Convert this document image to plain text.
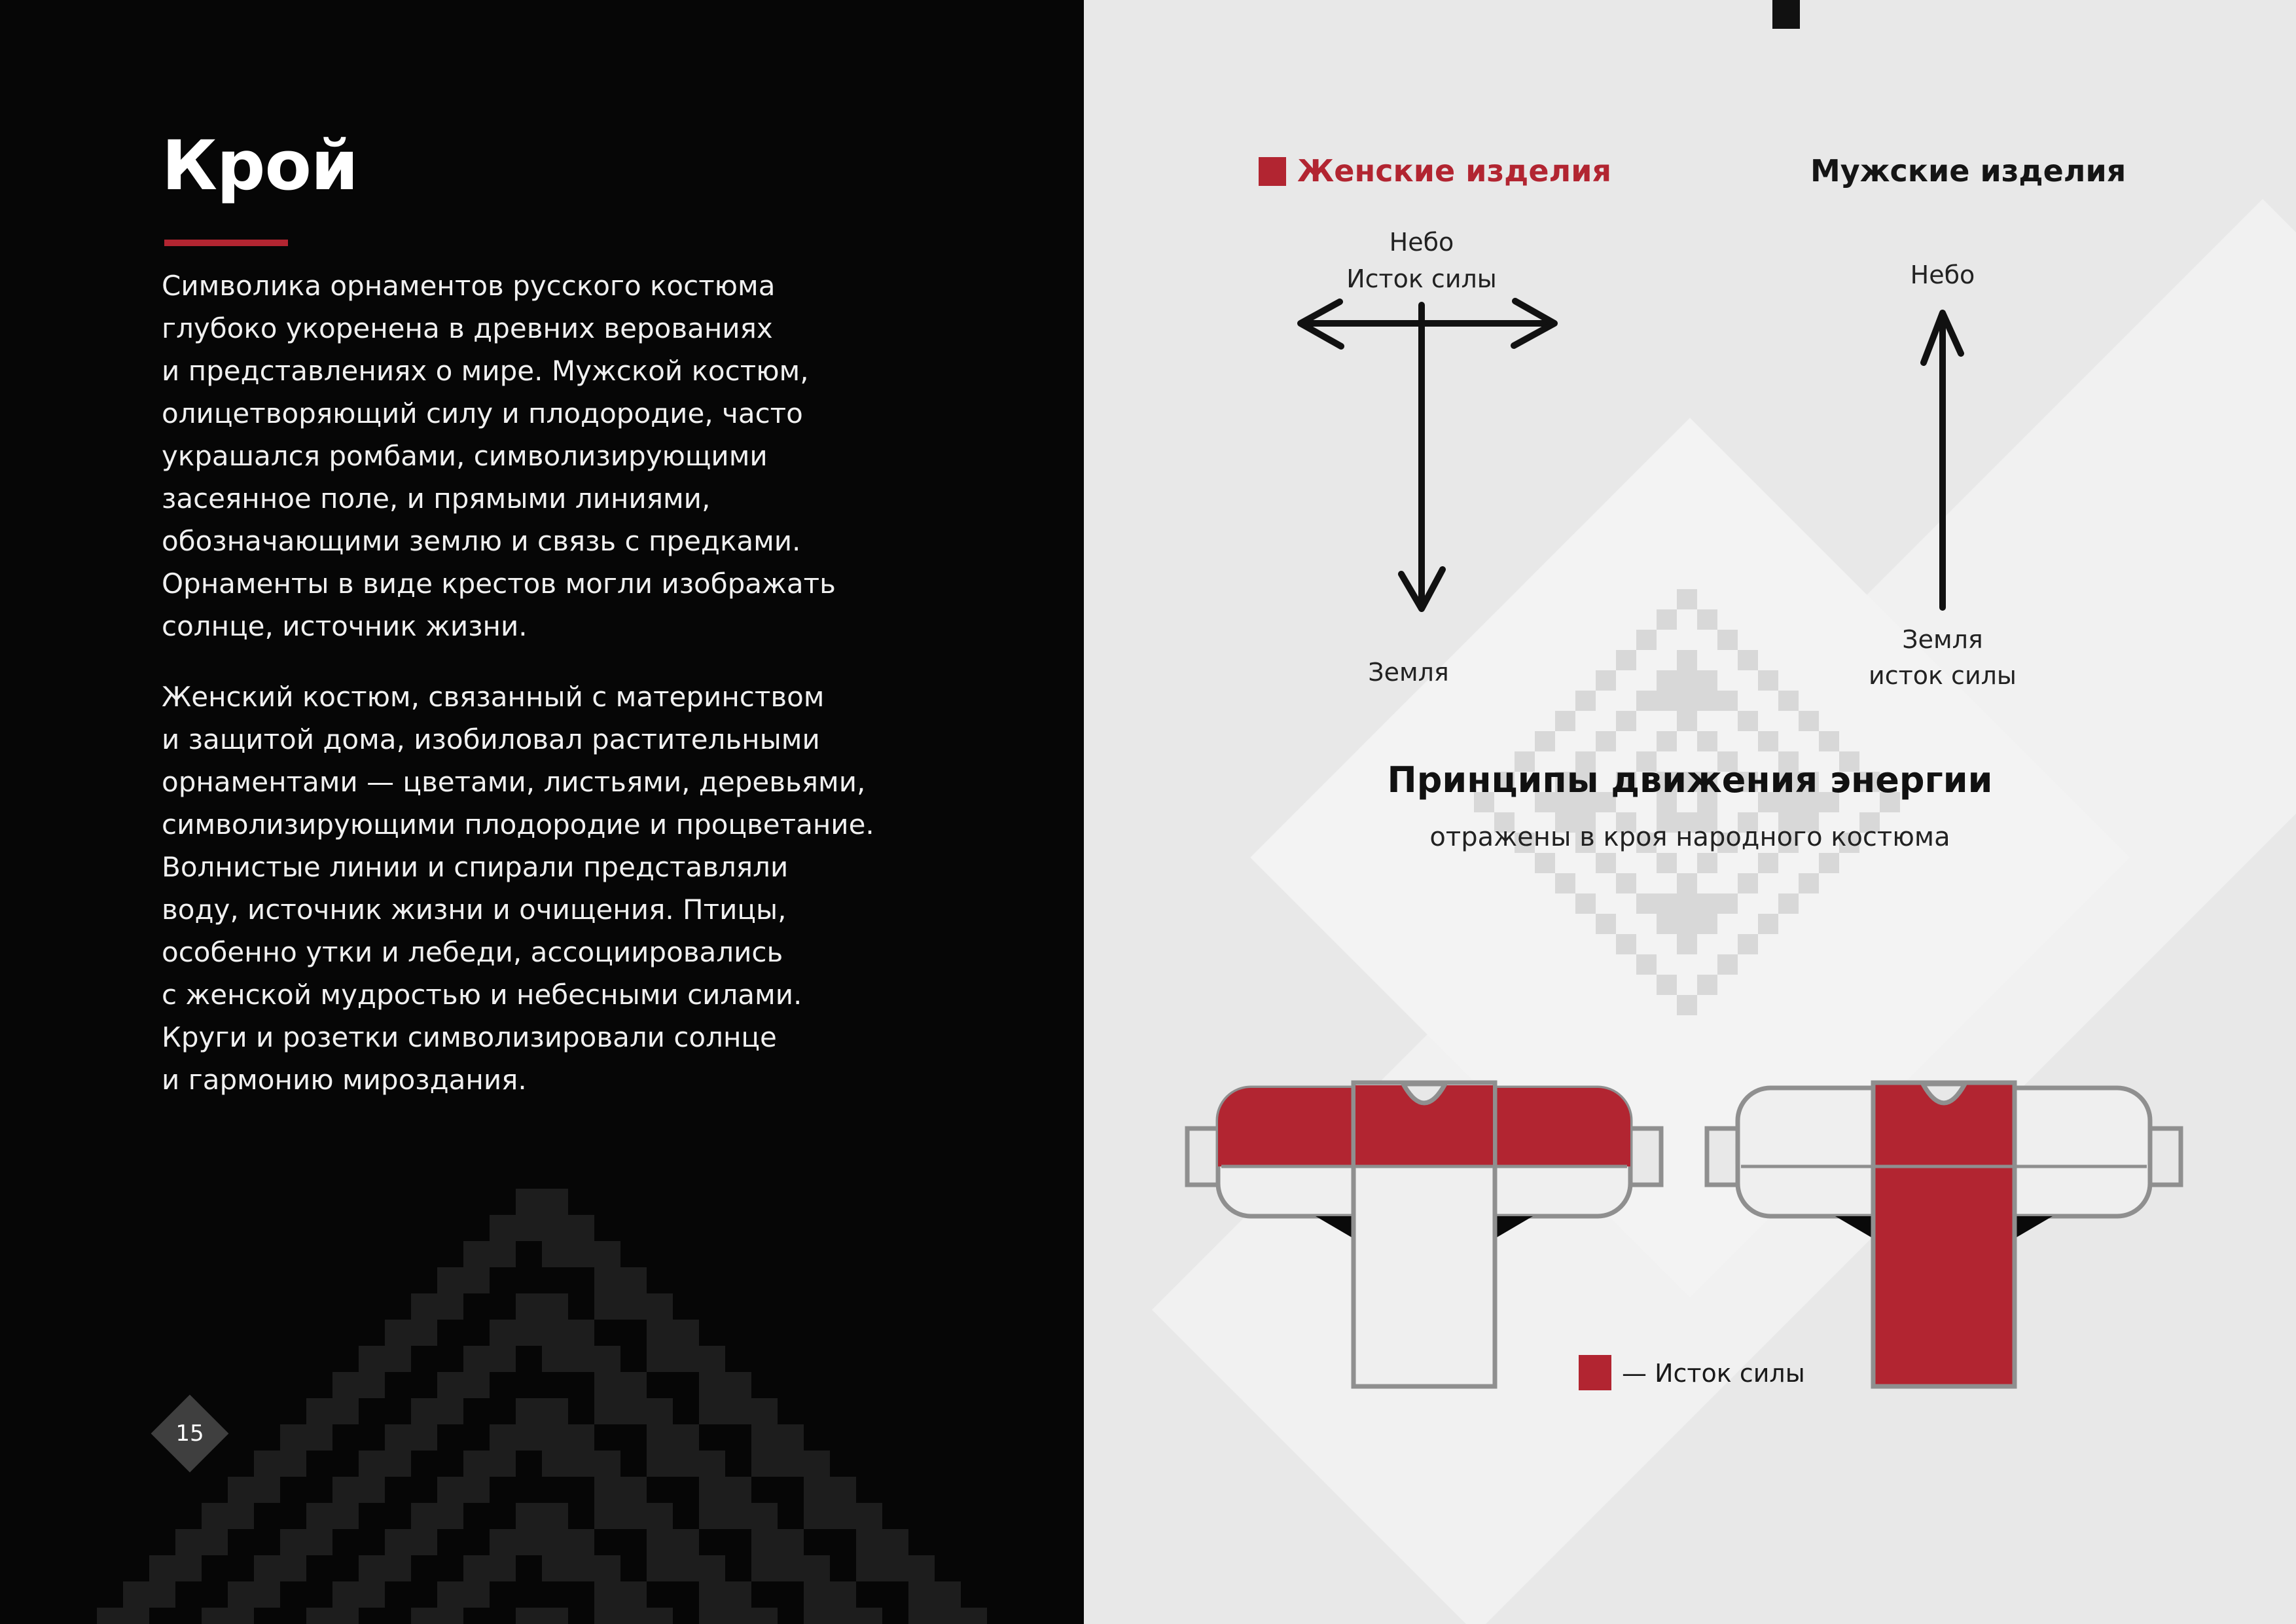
Крой
Символика орнаментов русского костюма
глубоко укоренена в древних верованиях
и представлениях о мире. Мужской костюм,
олицетворяющий силу и плодородие, часто
украшался ромбами, символизирующими
засеянное поле, и прямыми линиями,
обозначающими землю и связь с предками.
Орнаменты в виде крестов могли изображать
солнце, источник жизни.
Женский костюм, связанный с материнством
и защитой дома, изобиловал растительными
орнаментами — цветами, листьями, деревьями,
символизирующими плодородие и процветание.
Волнистые линии и спирали представляли
воду, источник жизни и очищения. Птицы,
особенно утки и лебеди, ассоциировались
с женской мудростью и небесными силами.
Круги и розетки символизировали солнце
и гармонию мироздания.
15
Женские изделия	Мужские изделия
Небо
Исток силы
Земля
Небо
Земля
исток силы
Принципы движения энергии
отражены в кроя народного костюма
— Исток силы
